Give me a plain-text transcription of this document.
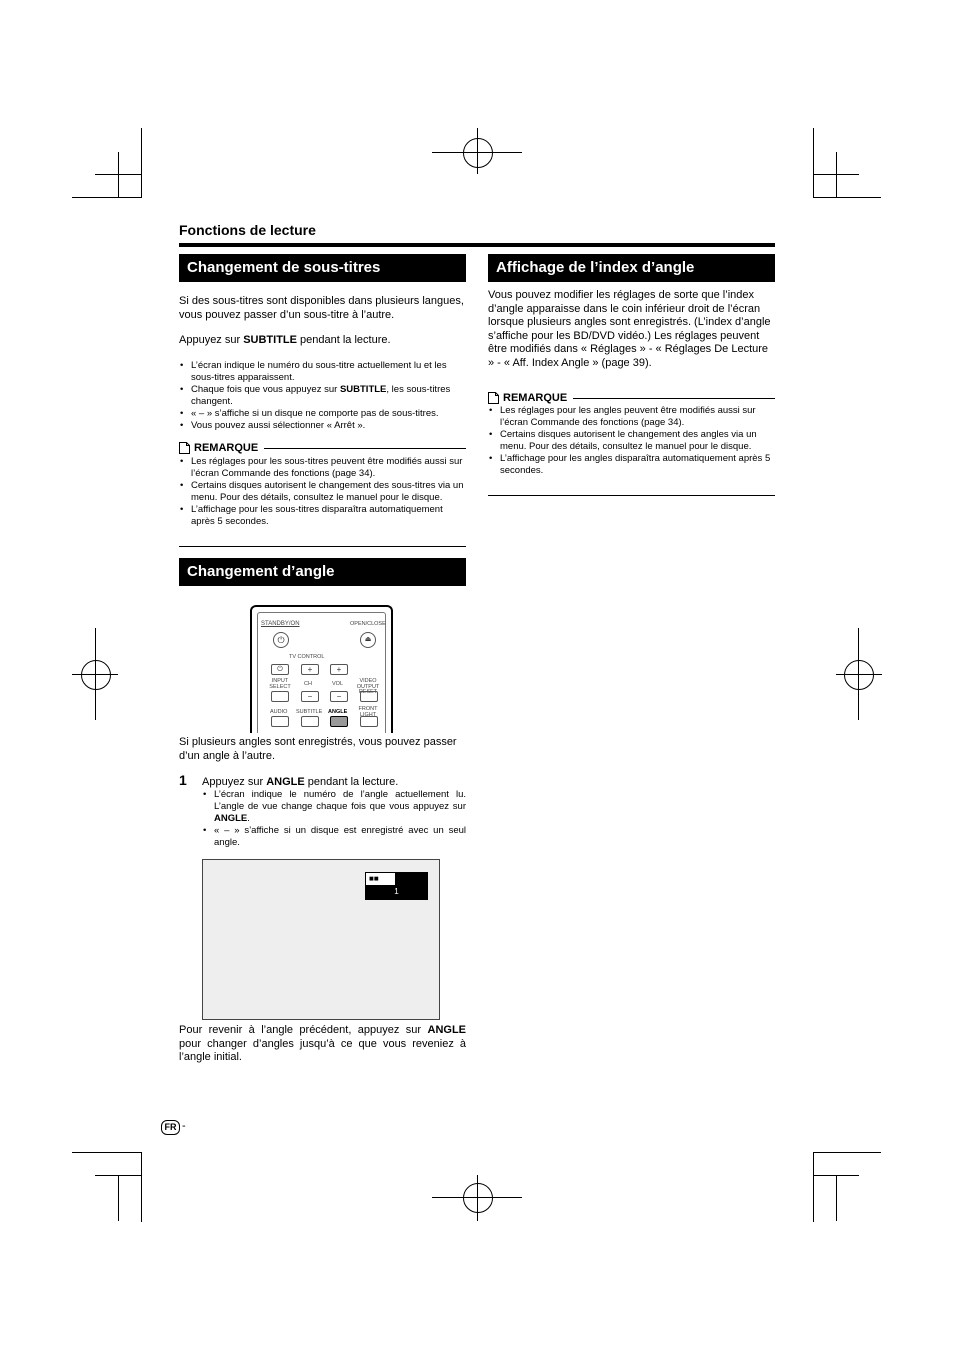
Fonctions de lecture
Changement de sous-titres
Si des sous-titres sont disponibles dans plusieurs langues, vous pouvez passer d’un sous-titre à l’autre.
Appuyez sur SUBTITLE pendant la lecture.
• L’écran indique le numéro du sous-titre actuellement lu et les sous-titres apparaissent.
• Chaque fois que vous appuyez sur SUBTITLE, les sous-titres changent.
• « – » s’affiche si un disque ne comporte pas de sous-titres.
• Vous pouvez aussi sélectionner « Arrêt ».
REMARQUE
• Les réglages pour les sous-titres peuvent être modifiés aussi sur l’écran Commande des fonctions (page 34).
• Certains disques autorisent le changement des sous-titres via un menu. Pour des détails, consultez le manuel pour le disque.
• L’affichage pour les sous-titres disparaîtra automatiquement après 5 secondes.
Changement d’angle
STANDBY/ON	OPEN/CLOSE
⏻	⏏
TV CONTROL
⏻	+	+
INPUT SELECT	CH	VOL	VIDEO OUTPUT RESET
−	−
AUDIO SUBTITLE ANGLE FRONT LIGHT
Si plusieurs angles sont enregistrés, vous pouvez passer d’un angle à l’autre.
1 Appuyez sur ANGLE pendant la lecture.
• L’écran indique le numéro de l’angle actuellement lu. L’angle de vue change chaque fois que vous appuyez sur ANGLE.
• « – » s’affiche si un disque est enregistré avec un seul angle.
■■
1
Pour revenir à l’angle précédent, appuyez sur ANGLE pour changer d’angles jusqu’à ce que vous reveniez à l’angle initial.
Affichage de l’index d’angle
Vous pouvez modifier les réglages de sorte que l’index d’angle apparaisse dans le coin inférieur droit de l’écran lorsque plusieurs angles sont enregistrés. (L’index d’angle s’affiche pour les BD/DVD vidéo.) Les réglages peuvent être modifiés dans « Réglages » - « Réglages De Lecture » - « Aff. Index Angle » (page 39).
REMARQUE
• Les réglages pour les angles peuvent être modifiés aussi sur l’écran Commande des fonctions (page 34).
• Certains disques autorisent le changement des angles via un menu. Pour des détails, consultez le manuel pour le disque.
• L’affichage pour les angles disparaîtra automatiquement après 5 secondes.
FR -
